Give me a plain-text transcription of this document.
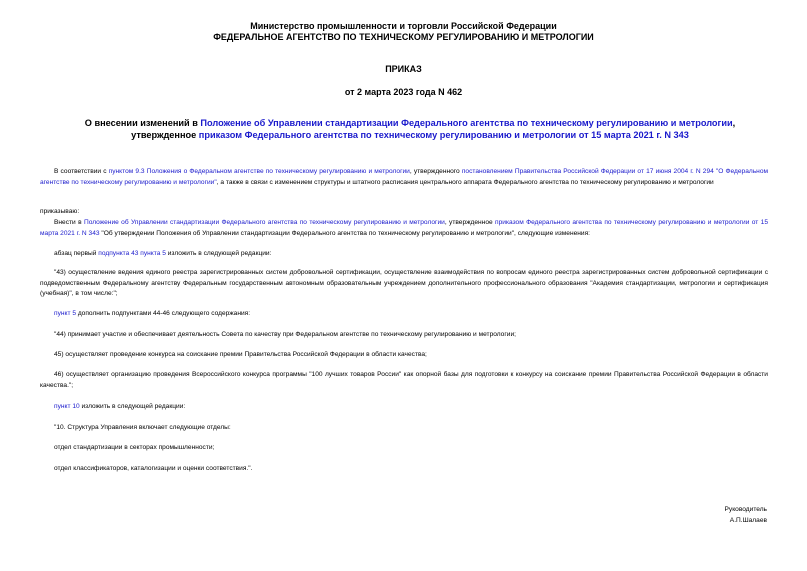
Министерство промышленности и торговли Российской Федерации
ФЕДЕРАЛЬНОЕ АГЕНТСТВО ПО ТЕХНИЧЕСКОМУ РЕГУЛИРОВАНИЮ И МЕТРОЛОГИИ
ПРИКАЗ
от 2 марта 2023 года N 462
О внесении изменений в Положение об Управлении стандартизации Федерального агентства по техническому регулированию и метрологии, утвержденное приказом Федерального агентства по техническому регулированию и метрологии от 15 марта 2021 г. N 343
В соответствии с пунктом 9.3 Положения о Федеральном агентстве по техническому регулированию и метрологии, утвержденного постановлением Правительства Российской Федерации от 17 июня 2004 г. N 294 "О Федеральном агентстве по техническому регулированию и метрологии", а также в связи с изменением структуры и штатного расписания центрального аппарата Федерального агентства по техническому регулированию и метрологии
приказываю:
Внести в Положение об Управлении стандартизации Федерального агентства по техническому регулированию и метрологии, утвержденное приказом Федерального агентства по техническому регулированию и метрологии от 15 марта 2021 г. N 343 "Об утверждении Положения об Управлении стандартизации Федерального агентства по техническому регулированию и метрологии", следующие изменения:
абзац первый подпункта 43 пункта 5 изложить в следующей редакции:
"43) осуществление ведения единого реестра зарегистрированных систем добровольной сертификации, осуществление взаимодействия по вопросам единого реестра зарегистрированных систем добровольной сертификации с подведомственным Федеральному агентству Федеральным государственным автономным образовательным учреждением дополнительного профессионального образования "Академия стандартизации, метрологии и сертификация (учебная)", в том числе:";
пункт 5 дополнить подпунктами 44-46 следующего содержания:
"44) принимает участие и обеспечивает деятельность Совета по качеству при Федеральном агентстве по техническому регулированию и метрологии;
45) осуществляет проведение конкурса на соискание премии Правительства Российской Федерации в области качества;
46) осуществляет организацию проведения Всероссийского конкурса программы "100 лучших товаров России" как опорной базы для подготовки к конкурсу на соискание премии Правительства Российской Федерации в области качества.";
пункт 10 изложить в следующей редакции:
"10. Структура Управления включает следующие отделы:
отдел стандартизации в секторах промышленности;
отдел классификаторов, каталогизации и оценки соответствия.".
Руководитель
А.П.Шалаев
